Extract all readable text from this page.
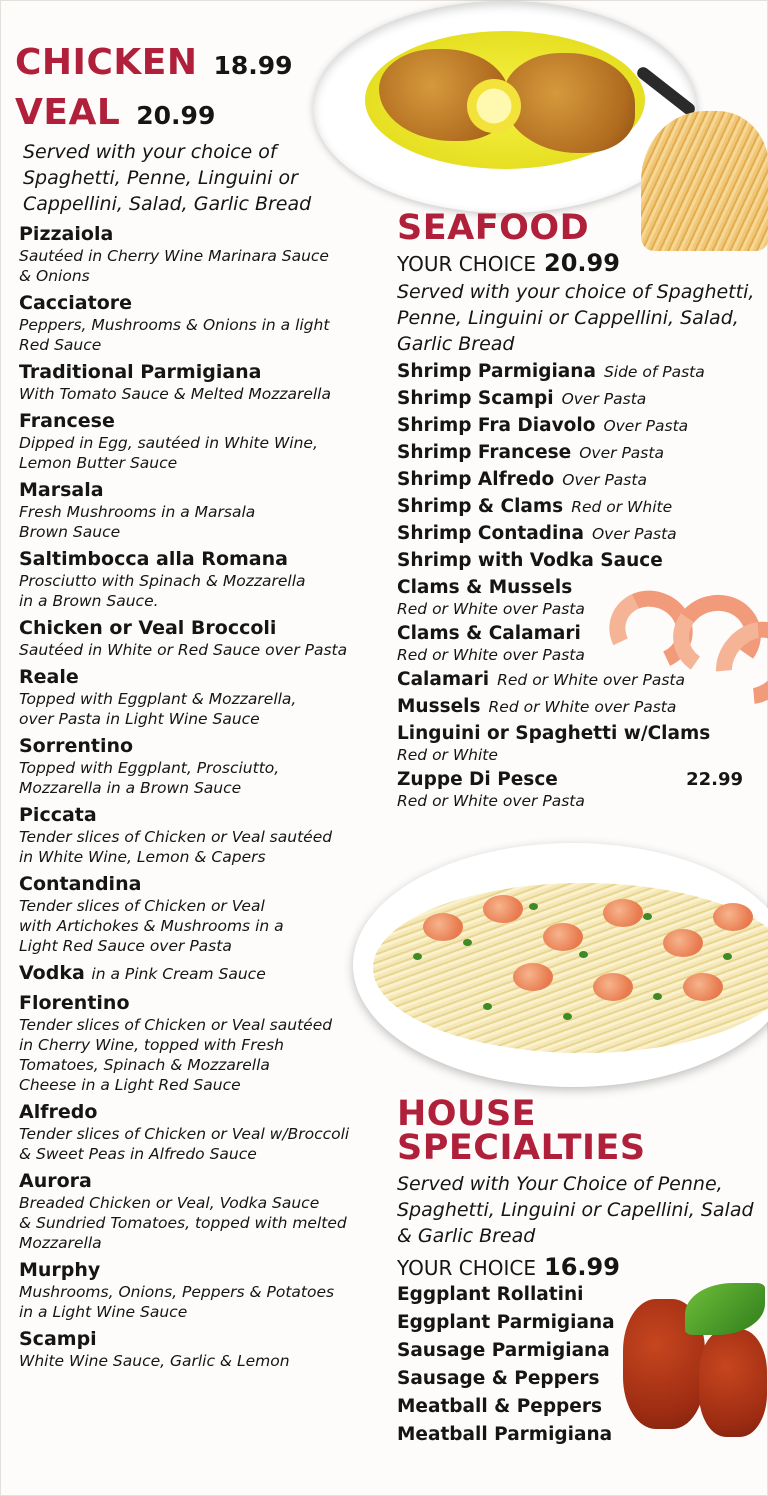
CHICKEN 18.99
VEAL 20.99
Served with your choice of Spaghetti, Penne, Linguini or Cappellini, Salad, Garlic Bread
Pizzaiola
Sautéed in Cherry Wine Marinara Sauce
& Onions
Cacciatore
Peppers, Mushrooms & Onions in a light
Red Sauce
Traditional Parmigiana
With Tomato Sauce & Melted Mozzarella
Francese
Dipped in Egg, sautéed in White Wine,
Lemon Butter Sauce
Marsala
Fresh Mushrooms in a Marsala
Brown Sauce
Saltimbocca alla Romana
Prosciutto with Spinach & Mozzarella
in a Brown Sauce.
Chicken or Veal Broccoli
Sautéed in White or Red Sauce over Pasta
Reale
Topped with Eggplant & Mozzarella,
over Pasta in Light Wine Sauce
Sorrentino
Topped with Eggplant, Prosciutto,
Mozzarella in a Brown Sauce
Piccata
Tender slices of Chicken or Veal sautéed
in White Wine, Lemon & Capers
Contandina
Tender slices of Chicken or Veal
with Artichokes & Mushrooms in a
Light Red Sauce over Pasta
Vodka in a Pink Cream Sauce
Florentino
Tender slices of Chicken or Veal sautéed
in Cherry Wine, topped with Fresh
Tomatoes, Spinach & Mozzarella
Cheese in a Light Red Sauce
Alfredo
Tender slices of Chicken or Veal w/Broccoli
& Sweet Peas in Alfredo Sauce
Aurora
Breaded Chicken or Veal, Vodka Sauce
& Sundried Tomatoes, topped with melted
Mozzarella
Murphy
Mushrooms, Onions, Peppers & Potatoes
in a Light Wine Sauce
Scampi
White Wine Sauce, Garlic & Lemon
SEAFOOD
YOUR CHOICE 20.99
Served with your choice of Spaghetti, Penne, Linguini or Cappellini, Salad, Garlic Bread
Shrimp Parmigiana Side of Pasta
Shrimp Scampi Over Pasta
Shrimp Fra Diavolo Over Pasta
Shrimp Francese Over Pasta
Shrimp Alfredo Over Pasta
Shrimp & Clams Red or White
Shrimp Contadina Over Pasta
Shrimp with Vodka Sauce
Clams & Mussels
Red or White over Pasta
Clams & Calamari
Red or White over Pasta
Calamari Red or White over Pasta
Mussels Red or White over Pasta
Linguini or Spaghetti w/Clams
Red or White
Zuppe Di Pesce	22.99
Red or White over Pasta
HOUSE
SPECIALTIES
Served with Your Choice of Penne, Spaghetti, Linguini or Capellini, Salad & Garlic Bread
YOUR CHOICE 16.99
Eggplant Rollatini
Eggplant Parmigiana
Sausage Parmigiana
Sausage & Peppers
Meatball & Peppers
Meatball Parmigiana
